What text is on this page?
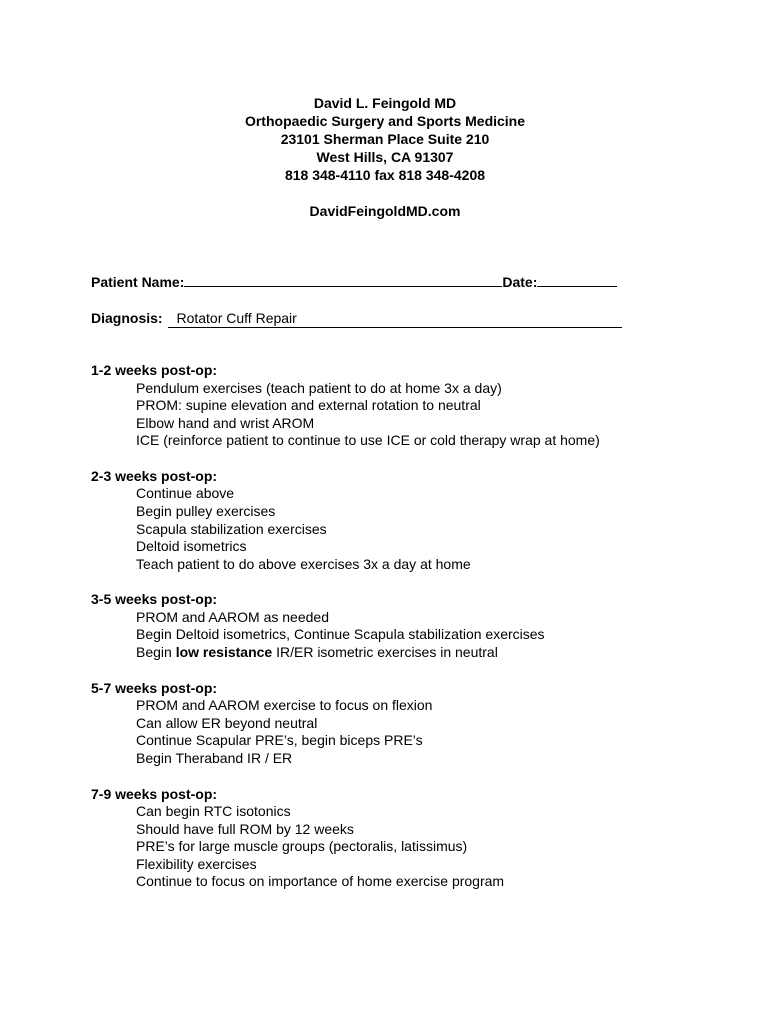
David L. Feingold MD
Orthopaedic Surgery and Sports Medicine
23101 Sherman Place Suite 210
West Hills, CA 91307
818 348-4110 fax 818 348-4208
DavidFeingoldMD.com
Patient Name:	Date:
Diagnosis: Rotator Cuff Repair
1-2 weeks post-op:
Pendulum exercises (teach patient to do at home 3x a day)
PROM: supine elevation and external rotation to neutral
Elbow hand and wrist AROM
ICE (reinforce patient to continue to use ICE or cold therapy wrap at home)
2-3 weeks post-op:
Continue above
Begin pulley exercises
Scapula stabilization exercises
Deltoid isometrics
Teach patient to do above exercises 3x a day at home
3-5 weeks post-op:
PROM and AAROM as needed
Begin Deltoid isometrics, Continue Scapula stabilization exercises
Begin low resistance IR/ER isometric exercises in neutral
5-7 weeks post-op:
PROM and AAROM exercise to focus on flexion
Can allow ER beyond neutral
Continue Scapular PRE’s, begin biceps PRE’s
Begin Theraband IR / ER
7-9 weeks post-op:
Can begin RTC isotonics
Should have full ROM by 12 weeks
PRE’s for large muscle groups (pectoralis, latissimus)
Flexibility exercises
Continue to focus on importance of home exercise program
